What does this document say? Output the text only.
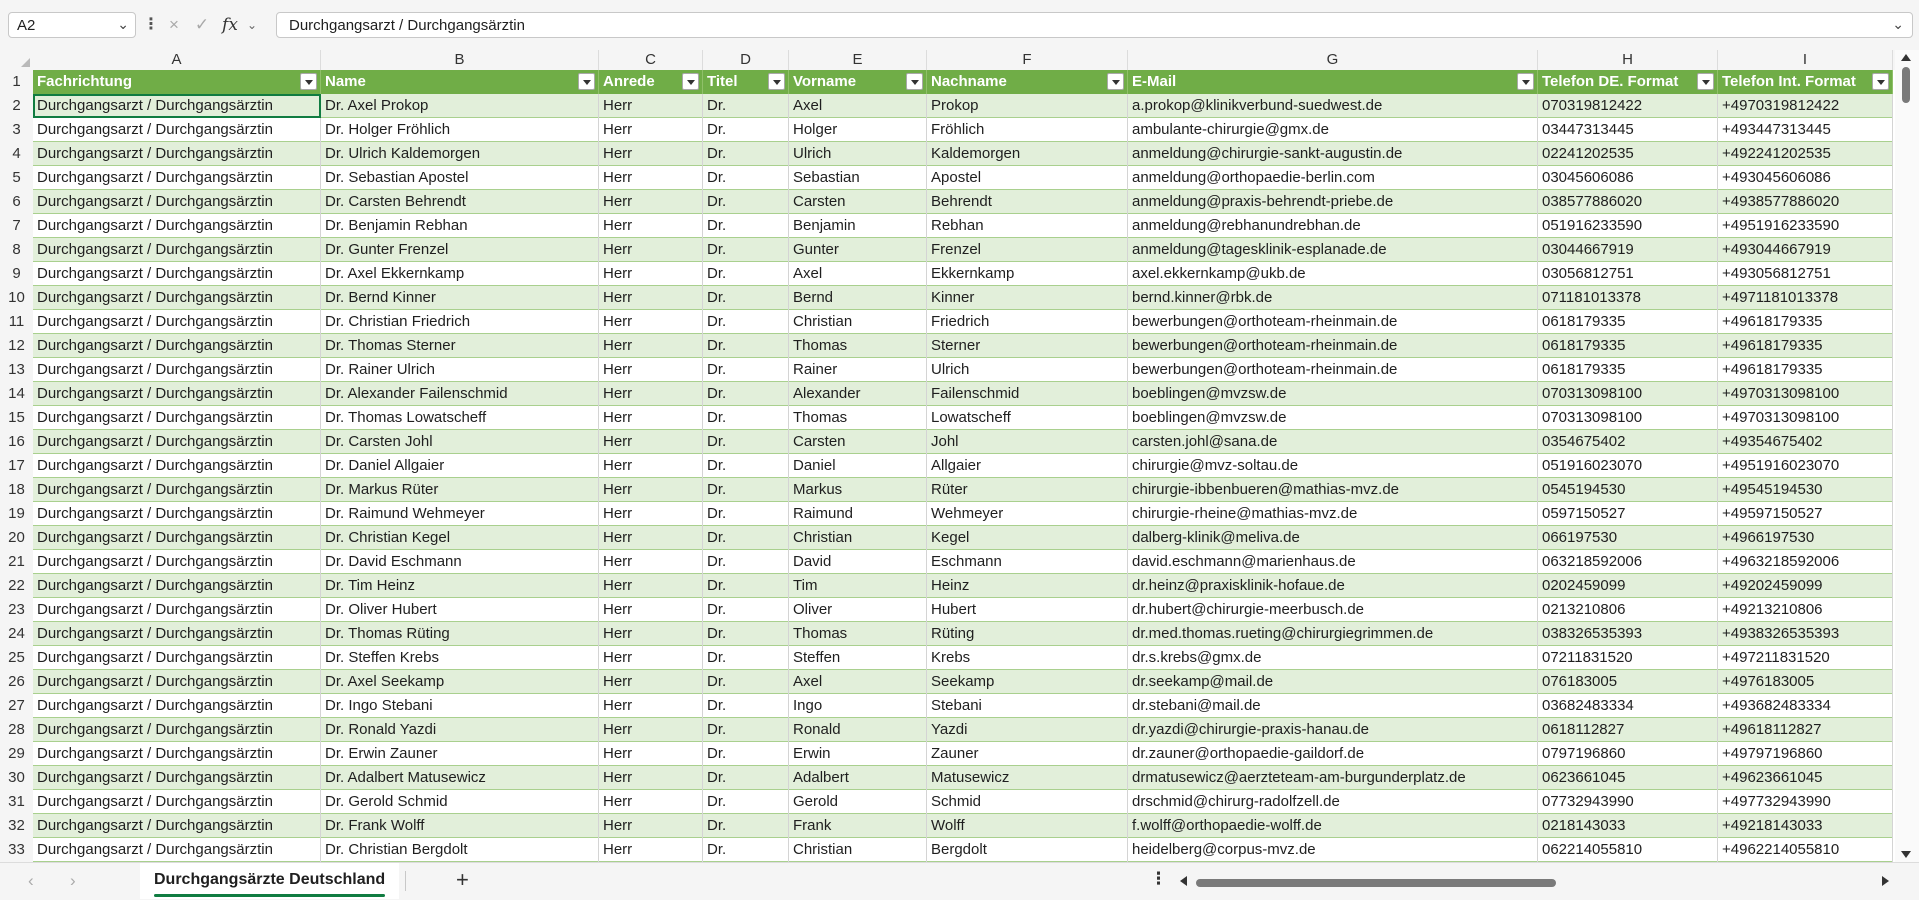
A2	⌄ ⋮ × ✓ fx ⌄	Durchgangsarzt / Durchgangsärztin	⌄
A	B	C	D	E	F	G	H	I
1
2
3
4
5
6
7
8
9
10
11
12
13
14
15
16
17
18
19
20
21
22
23
24
25
26
27
28
29
30
31
32
33
Fachrichtung	Name	Anrede	Titel	Vorname	Nachname	E-Mail	Telefon DE. Format	Telefon Int. Format
Durchgangsarzt / Durchgangsärztin	Dr. Axel Prokop	Herr	Dr.	Axel	Prokop	a.prokop@klinikverbund-suedwest.de	070319812422	+4970319812422
Durchgangsarzt / Durchgangsärztin	Dr. Holger Fröhlich	Herr	Dr.	Holger	Fröhlich	ambulante-chirurgie@gmx.de	03447313445	+493447313445
Durchgangsarzt / Durchgangsärztin	Dr. Ulrich Kaldemorgen	Herr	Dr.	Ulrich	Kaldemorgen	anmeldung@chirurgie-sankt-augustin.de	02241202535	+492241202535
Durchgangsarzt / Durchgangsärztin	Dr. Sebastian Apostel	Herr	Dr.	Sebastian	Apostel	anmeldung@orthopaedie-berlin.com	03045606086	+493045606086
Durchgangsarzt / Durchgangsärztin	Dr. Carsten Behrendt	Herr	Dr.	Carsten	Behrendt	anmeldung@praxis-behrendt-priebe.de	038577886020	+4938577886020
Durchgangsarzt / Durchgangsärztin	Dr. Benjamin Rebhan	Herr	Dr.	Benjamin	Rebhan	anmeldung@rebhanundrebhan.de	051916233590	+4951916233590
Durchgangsarzt / Durchgangsärztin	Dr. Gunter Frenzel	Herr	Dr.	Gunter	Frenzel	anmeldung@tagesklinik-esplanade.de	03044667919	+493044667919
Durchgangsarzt / Durchgangsärztin	Dr. Axel Ekkernkamp	Herr	Dr.	Axel	Ekkernkamp	axel.ekkernkamp@ukb.de	03056812751	+493056812751
Durchgangsarzt / Durchgangsärztin	Dr. Bernd Kinner	Herr	Dr.	Bernd	Kinner	bernd.kinner@rbk.de	071181013378	+4971181013378
Durchgangsarzt / Durchgangsärztin	Dr. Christian Friedrich	Herr	Dr.	Christian	Friedrich	bewerbungen@orthoteam-rheinmain.de	0618179335	+49618179335
Durchgangsarzt / Durchgangsärztin	Dr. Thomas Sterner	Herr	Dr.	Thomas	Sterner	bewerbungen@orthoteam-rheinmain.de	0618179335	+49618179335
Durchgangsarzt / Durchgangsärztin	Dr. Rainer Ulrich	Herr	Dr.	Rainer	Ulrich	bewerbungen@orthoteam-rheinmain.de	0618179335	+49618179335
Durchgangsarzt / Durchgangsärztin	Dr. Alexander Failenschmid	Herr	Dr.	Alexander	Failenschmid	boeblingen@mvzsw.de	070313098100	+4970313098100
Durchgangsarzt / Durchgangsärztin	Dr. Thomas Lowatscheff	Herr	Dr.	Thomas	Lowatscheff	boeblingen@mvzsw.de	070313098100	+4970313098100
Durchgangsarzt / Durchgangsärztin	Dr. Carsten Johl	Herr	Dr.	Carsten	Johl	carsten.johl@sana.de	0354675402	+49354675402
Durchgangsarzt / Durchgangsärztin	Dr. Daniel Allgaier	Herr	Dr.	Daniel	Allgaier	chirurgie@mvz-soltau.de	051916023070	+4951916023070
Durchgangsarzt / Durchgangsärztin	Dr. Markus Rüter	Herr	Dr.	Markus	Rüter	chirurgie-ibbenbueren@mathias-mvz.de	0545194530	+49545194530
Durchgangsarzt / Durchgangsärztin	Dr. Raimund Wehmeyer	Herr	Dr.	Raimund	Wehmeyer	chirurgie-rheine@mathias-mvz.de	0597150527	+49597150527
Durchgangsarzt / Durchgangsärztin	Dr. Christian Kegel	Herr	Dr.	Christian	Kegel	dalberg-klinik@meliva.de	066197530	+4966197530
Durchgangsarzt / Durchgangsärztin	Dr. David Eschmann	Herr	Dr.	David	Eschmann	david.eschmann@marienhaus.de	063218592006	+4963218592006
Durchgangsarzt / Durchgangsärztin	Dr. Tim Heinz	Herr	Dr.	Tim	Heinz	dr.heinz@praxisklinik-hofaue.de	0202459099	+49202459099
Durchgangsarzt / Durchgangsärztin	Dr. Oliver Hubert	Herr	Dr.	Oliver	Hubert	dr.hubert@chirurgie-meerbusch.de	0213210806	+49213210806
Durchgangsarzt / Durchgangsärztin	Dr. Thomas Rüting	Herr	Dr.	Thomas	Rüting	dr.med.thomas.rueting@chirurgiegrimmen.de	038326535393	+4938326535393
Durchgangsarzt / Durchgangsärztin	Dr. Steffen Krebs	Herr	Dr.	Steffen	Krebs	dr.s.krebs@gmx.de	07211831520	+497211831520
Durchgangsarzt / Durchgangsärztin	Dr. Axel Seekamp	Herr	Dr.	Axel	Seekamp	dr.seekamp@mail.de	076183005	+4976183005
Durchgangsarzt / Durchgangsärztin	Dr. Ingo Stebani	Herr	Dr.	Ingo	Stebani	dr.stebani@mail.de	03682483334	+493682483334
Durchgangsarzt / Durchgangsärztin	Dr. Ronald Yazdi	Herr	Dr.	Ronald	Yazdi	dr.yazdi@chirurgie-praxis-hanau.de	0618112827	+49618112827
Durchgangsarzt / Durchgangsärztin	Dr. Erwin Zauner	Herr	Dr.	Erwin	Zauner	dr.zauner@orthopaedie-gaildorf.de	0797196860	+49797196860
Durchgangsarzt / Durchgangsärztin	Dr. Adalbert Matusewicz	Herr	Dr.	Adalbert	Matusewicz	drmatusewicz@aerzteteam-am-burgunderplatz.de	0623661045	+49623661045
Durchgangsarzt / Durchgangsärztin	Dr. Gerold Schmid	Herr	Dr.	Gerold	Schmid	drschmid@chirurg-radolfzell.de	07732943990	+497732943990
Durchgangsarzt / Durchgangsärztin	Dr. Frank Wolff	Herr	Dr.	Frank	Wolff	f.wolff@orthopaedie-wolff.de	0218143033	+49218143033
Durchgangsarzt / Durchgangsärztin	Dr. Christian Bergdolt	Herr	Dr.	Christian	Bergdolt	heidelberg@corpus-mvz.de	062214055810	+4962214055810
‹ ›	Durchgangsärzte Deutschland	+	⋮
